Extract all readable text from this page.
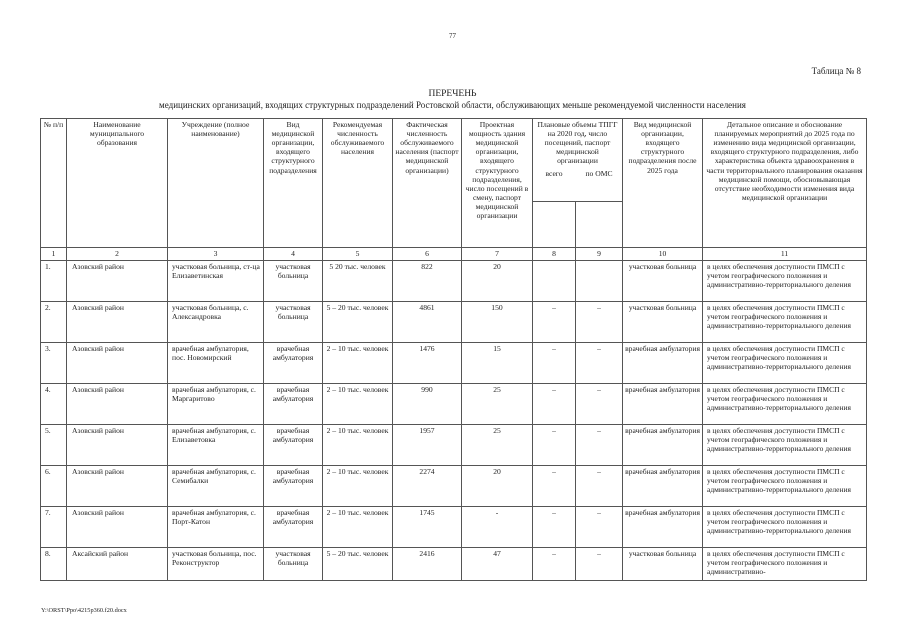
77
Таблица № 8
ПЕРЕЧЕНЬ
медицинских организаций, входящих структурных подразделений Ростовской области, обслуживающих меньше рекомендуемой численности населения
№ п/п	Наименование муниципального образования	Учреждение (полное наименование)	Вид медицинской организации, входящего структурного подразделения	Рекомендуемая численность обслуживаемого населения	Фактическая численность обслуживаемого населения (паспорт медицинской организации)	Проектная мощность здания медицинской организации, входящего структурного подразделения, число посещений в смену, паспорт медицинской организации	Плановые объемы ТПГГ на 2020 год, число посещений, паспорт медицинской организации		Вид медицинской организации, входящего структурного подразделения после 2025 года	Детальное описание и обоснование планируемых мероприятий до 2025 года по изменению вида медицинской организации, входящего структурного подразделения, либо характеристика объекта здравоохранения в части территориального планирования оказания медицинской помощи, обосновывающая отсутствие необходимости изменения вида медицинской организации

							всего	по ОМС		

1	2	3	4	5	6	7	8	9	10	11
1.	Азовский район	участковая больница, ст-ца Елизаветинская	участковая больница	5 20 тыс. человек	822	20			участковая больница	в целях обеспечения доступности ПМСП с учетом географического положения и административно-территориального деления
2.	Азовский район	участковая больница, с. Александровка	участковая больница	5 – 20 тыс. человек	4861	150	–	–	участковая больница	в целях обеспечения доступности ПМСП с учетом географического положения и административно-территориального деления
3.	Азовский район	врачебная амбулатория, пос. Новомирский	врачебная амбулатория	2 – 10 тыс. человек	1476	15	–	–	врачебная амбулатория	в целях обеспечения доступности ПМСП с учетом географического положения и административно-территориального деления
4.	Азовский район	врачебная амбулатория, с. Маргаритово	врачебная амбулатория	2 – 10 тыс. человек	990	25	–	–	врачебная амбулатория	в целях обеспечения доступности ПМСП с учетом географического положения и административно-территориального деления
5.	Азовский район	врачебная амбулатория, с. Елизаветовка	врачебная амбулатория	2 – 10 тыс. человек	1957	25	–	–	врачебная амбулатория	в целях обеспечения доступности ПМСП с учетом географического положения и административно-территориального деления
6.	Азовский район	врачебная амбулатория, с. Семибалки	врачебная амбулатория	2 – 10 тыс. человек	2274	20	–	–	врачебная амбулатория	в целях обеспечения доступности ПМСП с учетом географического положения и административно-территориального деления
7.	Азовский район	врачебная амбулатория, с. Порт-Катон	врачебная амбулатория	2 – 10 тыс. человек	1745	-	–	–	врачебная амбулатория	в целях обеспечения доступности ПМСП с учетом географического положения и административно-территориального деления
8.	Аксайский район	участковая больница, пос. Реконструктор	участковая больница	5 – 20 тыс. человек	2416	47	–	–	участковая больница	в целях обеспечения доступности ПМСП с учетом географического положения и административно-
Y:\ORST\Ppo\4215p360.f20.docx
